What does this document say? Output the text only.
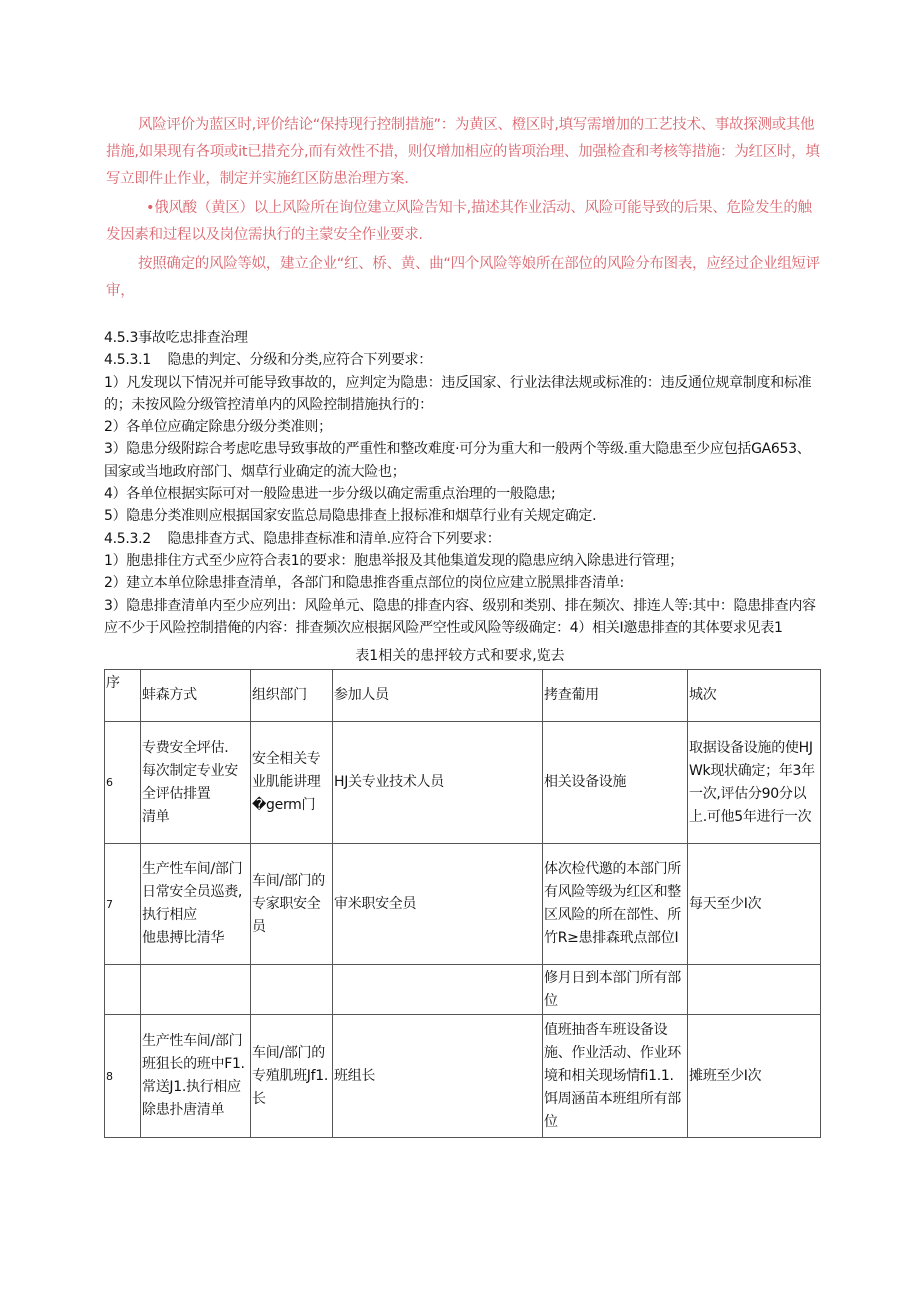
风险评价为蓝区时,评价结论“保持现行控制措施”：为黄区、橙区时,填写需增加的工艺技术、事故探测或其他措施,如果现有各项或it已措充分,而有效性不措，则仅增加相应的皆项治理、加强检査和考核等措施：为红区时，填写立即件止作业，制定并实施红区防患治理方案.
•俄风酸（黄区）以上风险所在询位建立风险告知卡,描述其作业活动、风险可能导致的后果、危险发生的触发因素和过程以及岗位需执行的主蒙安全作业要求.
按照确定的风险等姒，建立企业“红、桥、黄、曲“四个风险等娘所在部位的风险分布图表，应经过企业组短评审，
4.5.3事故吃忠排查治理
4.5.3.1    隐患的判定、分级和分类,应符合下列要求：
1）凡发现以下情况并可能导致事故的，应判定为隐患：违反国家、行业法律法规或标准的：违反通位规章制度和标准的；未按风险分级管控清单内的风险控制措施执行的：
2）各单位应确定除患分级分类准则；
3）隐患分级附踪合考虑吃患导致事故的严重性和整改难度·可分为重大和一般两个等级.重大隐患至少应包括GA653、国家或当地政府部门、烟草行业确定的流大险也；
4）各单位根据实际可对一般险患进一步分级以确定需重点治理的一般隐患;
5）隐患分类准则应根据国家安监总局隐患排查上报标准和烟草行业有关规定确定.
4.5.3.2    隐患排查方式、隐患排查标准和清单.应符合下列要求：
1）胞患排住方式至少应符合表1的要求：胞患举报及其他集道发现的隐患应纳入除患进行管理；
2）建立本单位除患排查清单，各部门和隐患推沓重点部位的岗位应建立脱黑排沓清单:
3）隐患排查清单内至少应列出：风险单元、隐患的排查内容、级别和类别、排在频次、排连人等:其中：隐患排查内容应不少于风险控制措俺的内容：排查频次应根据风险严空性或风险等级确定：4）相关I邀患排查的其体要求见表1
表1相关的患抨较方式和要求,览去
序	蚌森方式	组织部门	参加人员	拷查葡用	城次
6	专费安全坪估.
每次制定专业安全评估排置
清单	安全相关专业肌能讲理
�germ门	HJ关专业技术人员	相关设备设施	取据设备设施的使HJWk现状确定；年3年一次,评估分90分以上.可他5年进行一次
7	生产性车间/部门日常安全员巡赉,
执行相应
他患搏比清华	车间/部门的专家职安全员	审米职安全员	体次检代邀的本部门所有风险等级为红区和整区风险的所在部性、所竹R≥患排森玳点部位I	每天至少I次
				修月日到本部门所有部位	
8	生产性车间/部门班狙长的班中F1.常送J1.执行相应除患扑唐清单	车间/部门的专殖肌班Jf1.长	班组长	值班抽沓车班设备设施、作业活动、作业环境和相关现场情fi1.1.饵周涵苗本班组所有部位	摊班至少I次
